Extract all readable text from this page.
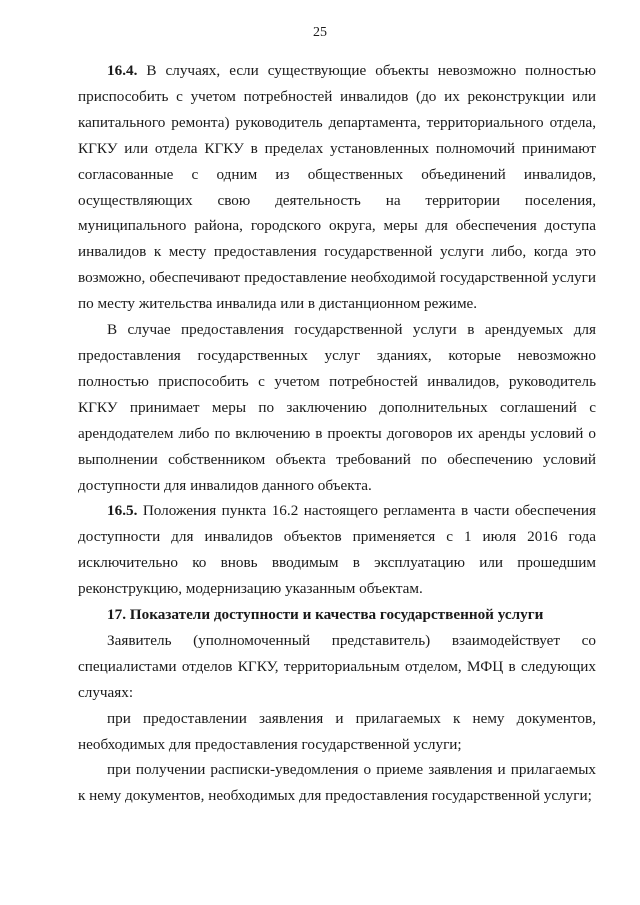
25

16.4. В случаях, если существующие объекты невозможно полностью приспособить с учетом потребностей инвалидов (до их реконструкции или капитального ремонта) руководитель департамента, территориального отдела, КГКУ или отдела КГКУ в пределах установленных полномочий принимают согласованные с одним из общественных объединений инвалидов, осуществляющих свою деятельность на территории поселения, муниципального района, городского округа, меры для обеспечения доступа инвалидов к месту предоставления государственной услуги либо, когда это возможно, обеспечивают предоставление необходимой государственной услуги по месту жительства инвалида или в дистанционном режиме.

В случае предоставления государственной услуги в арендуемых для предоставления государственных услуг зданиях, которые невозможно полностью приспособить с учетом потребностей инвалидов, руководитель КГКУ принимает меры по заключению дополнительных соглашений с арендодателем либо по включению в проекты договоров их аренды условий о выполнении собственником объекта требований по обеспечению условий доступности для инвалидов данного объекта.

16.5. Положения пункта 16.2 настоящего регламента в части обеспечения доступности для инвалидов объектов применяется с 1 июля 2016 года исключительно ко вновь вводимым в эксплуатацию или прошедшим реконструкцию, модернизацию указанным объектам.

17. Показатели доступности и качества государственной услуги

Заявитель (уполномоченный представитель) взаимодействует со специалистами отделов КГКУ, территориальным отделом, МФЦ в следующих случаях:

при предоставлении заявления и прилагаемых к нему документов, необходимых для предоставления государственной услуги;

при получении расписки-уведомления о приеме заявления и прилагаемых к нему документов, необходимых для предоставления государственной услуги;
